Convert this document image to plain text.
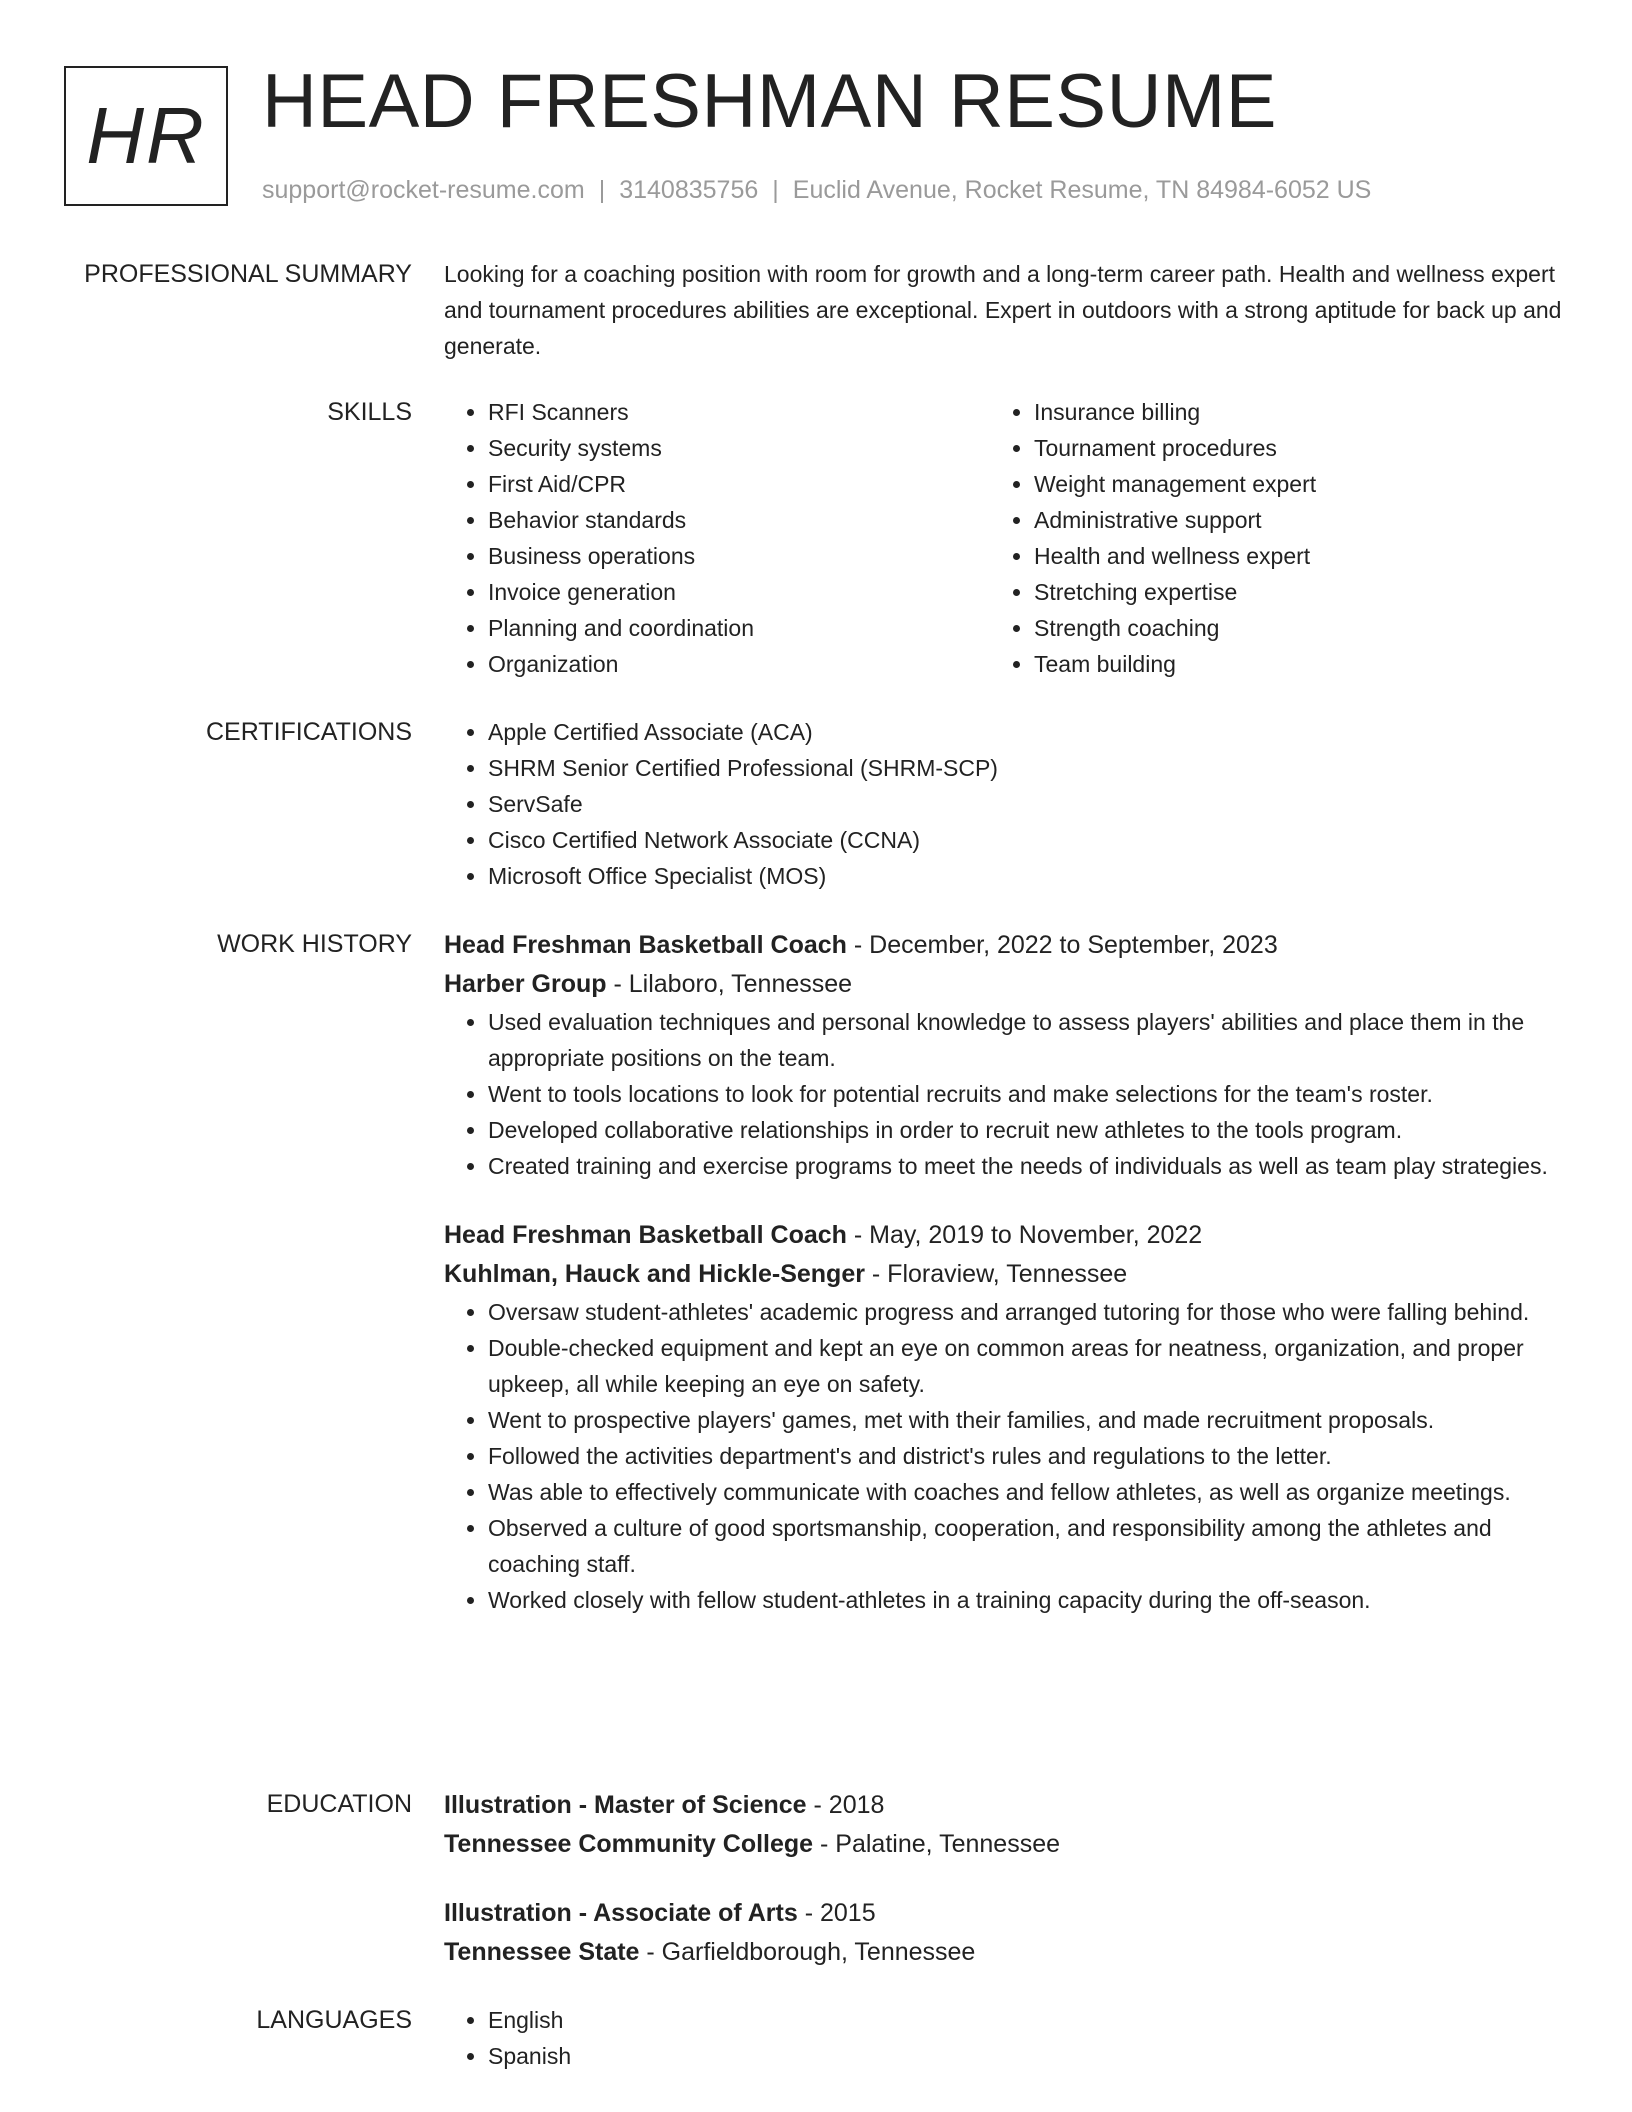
HR HEAD FRESHMAN RESUME
support@rocket-resume.com | 3140835756 | Euclid Avenue, Rocket Resume, TN 84984-6052 US
PROFESSIONAL SUMMARY Looking for a coaching position with room for growth and a long-term career path. Health and wellness expert and tournament procedures abilities are exceptional. Expert in outdoors with a strong aptitude for back up and generate.

SKILLS	• RFI Scanners
• Security systems
• First Aid/CPR
• Behavior standards
• Business operations
• Invoice generation
• Planning and coordination
• Organization
• Insurance billing
• Tournament procedures
• Weight management expert
• Administrative support
• Health and wellness expert
• Stretching expertise
• Strength coaching
• Team building
CERTIFICATIONS	• Apple Certified Associate (ACA)
• SHRM Senior Certified Professional (SHRM-SCP)
• ServSafe
• Cisco Certified Network Associate (CCNA)
• Microsoft Office Specialist (MOS)
WORK HISTORY Head Freshman Basketball Coach - December, 2022 to September, 2023
Harber Group - Lilaboro, Tennessee
• Used evaluation techniques and personal knowledge to assess players' abilities and place them in the appropriate positions on the team.
• Went to tools locations to look for potential recruits and make selections for the team's roster.
• Developed collaborative relationships in order to recruit new athletes to the tools program.
• Created training and exercise programs to meet the needs of individuals as well as team play strategies.
Head Freshman Basketball Coach - May, 2019 to November, 2022
Kuhlman, Hauck and Hickle-Senger - Floraview, Tennessee
• Oversaw student-athletes' academic progress and arranged tutoring for those who were falling behind.
• Double-checked equipment and kept an eye on common areas for neatness, organization, and proper upkeep, all while keeping an eye on safety.
• Went to prospective players' games, met with their families, and made recruitment proposals.
• Followed the activities department's and district's rules and regulations to the letter.
• Was able to effectively communicate with coaches and fellow athletes, as well as organize meetings.
• Observed a culture of good sportsmanship, cooperation, and responsibility among the athletes and coaching staff.
• Worked closely with fellow student-athletes in a training capacity during the off-season.
EDUCATION Illustration - Master of Science - 2018
Tennessee Community College - Palatine, Tennessee
Illustration - Associate of Arts - 2015
Tennessee State - Garfieldborough, Tennessee
LANGUAGES	• English
• Spanish
